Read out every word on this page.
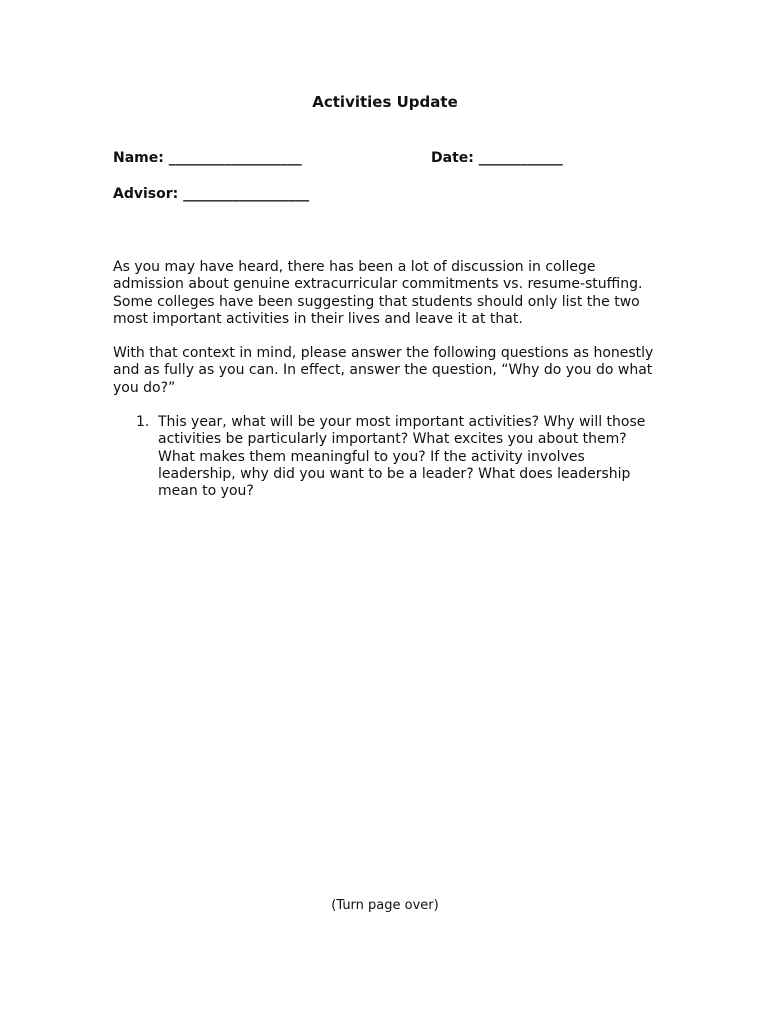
Activities Update
Name: ___________________	Date: ____________
Advisor: __________________

As you may have heard, there has been a lot of discussion in college admission about genuine extracurricular commitments vs. resume-stuffing. Some colleges have been suggesting that students should only list the two most important activities in their lives and leave it at that.

With that context in mind, please answer the following questions as honestly and as fully as you can. In effect, answer the question, “Why do you do what you do?”

1. This year, what will be your most important activities? Why will those activities be particularly important? What excites you about them? What makes them meaningful to you? If the activity involves leadership, why did you want to be a leader? What does leadership mean to you?
(Turn page over)
